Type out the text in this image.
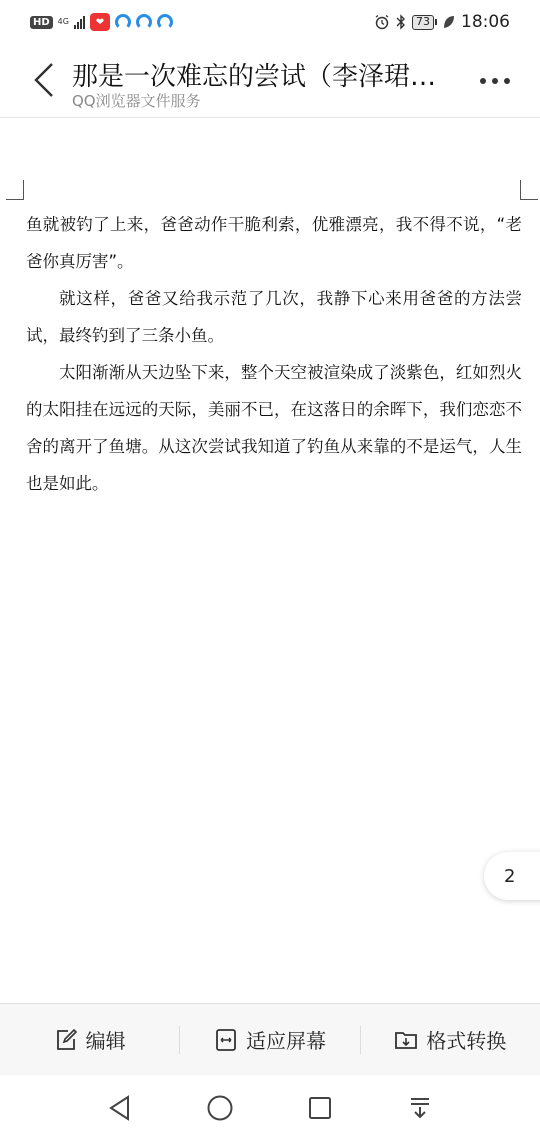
HD	4G	❤	73 18:06
那是一次难忘的尝试（李泽珺…
QQ浏览器文件服务

鱼就被钓了上来，爸爸动作干脆利索，优雅漂亮，我不得不说，“老爸你真厉害”。

就这样，爸爸又给我示范了几次，我静下心来用爸爸的方法尝试，最终钓到了三条小鱼。

太阳渐渐从天边坠下来，整个天空被渲染成了淡紫色，红如烈火的太阳挂在远远的天际，美丽不已，在这落日的余晖下，我们恋恋不舍的离开了鱼塘。从这次尝试我知道了钓鱼从来靠的不是运气，人生也是如此。

2
编辑	适应屏幕	格式转换
